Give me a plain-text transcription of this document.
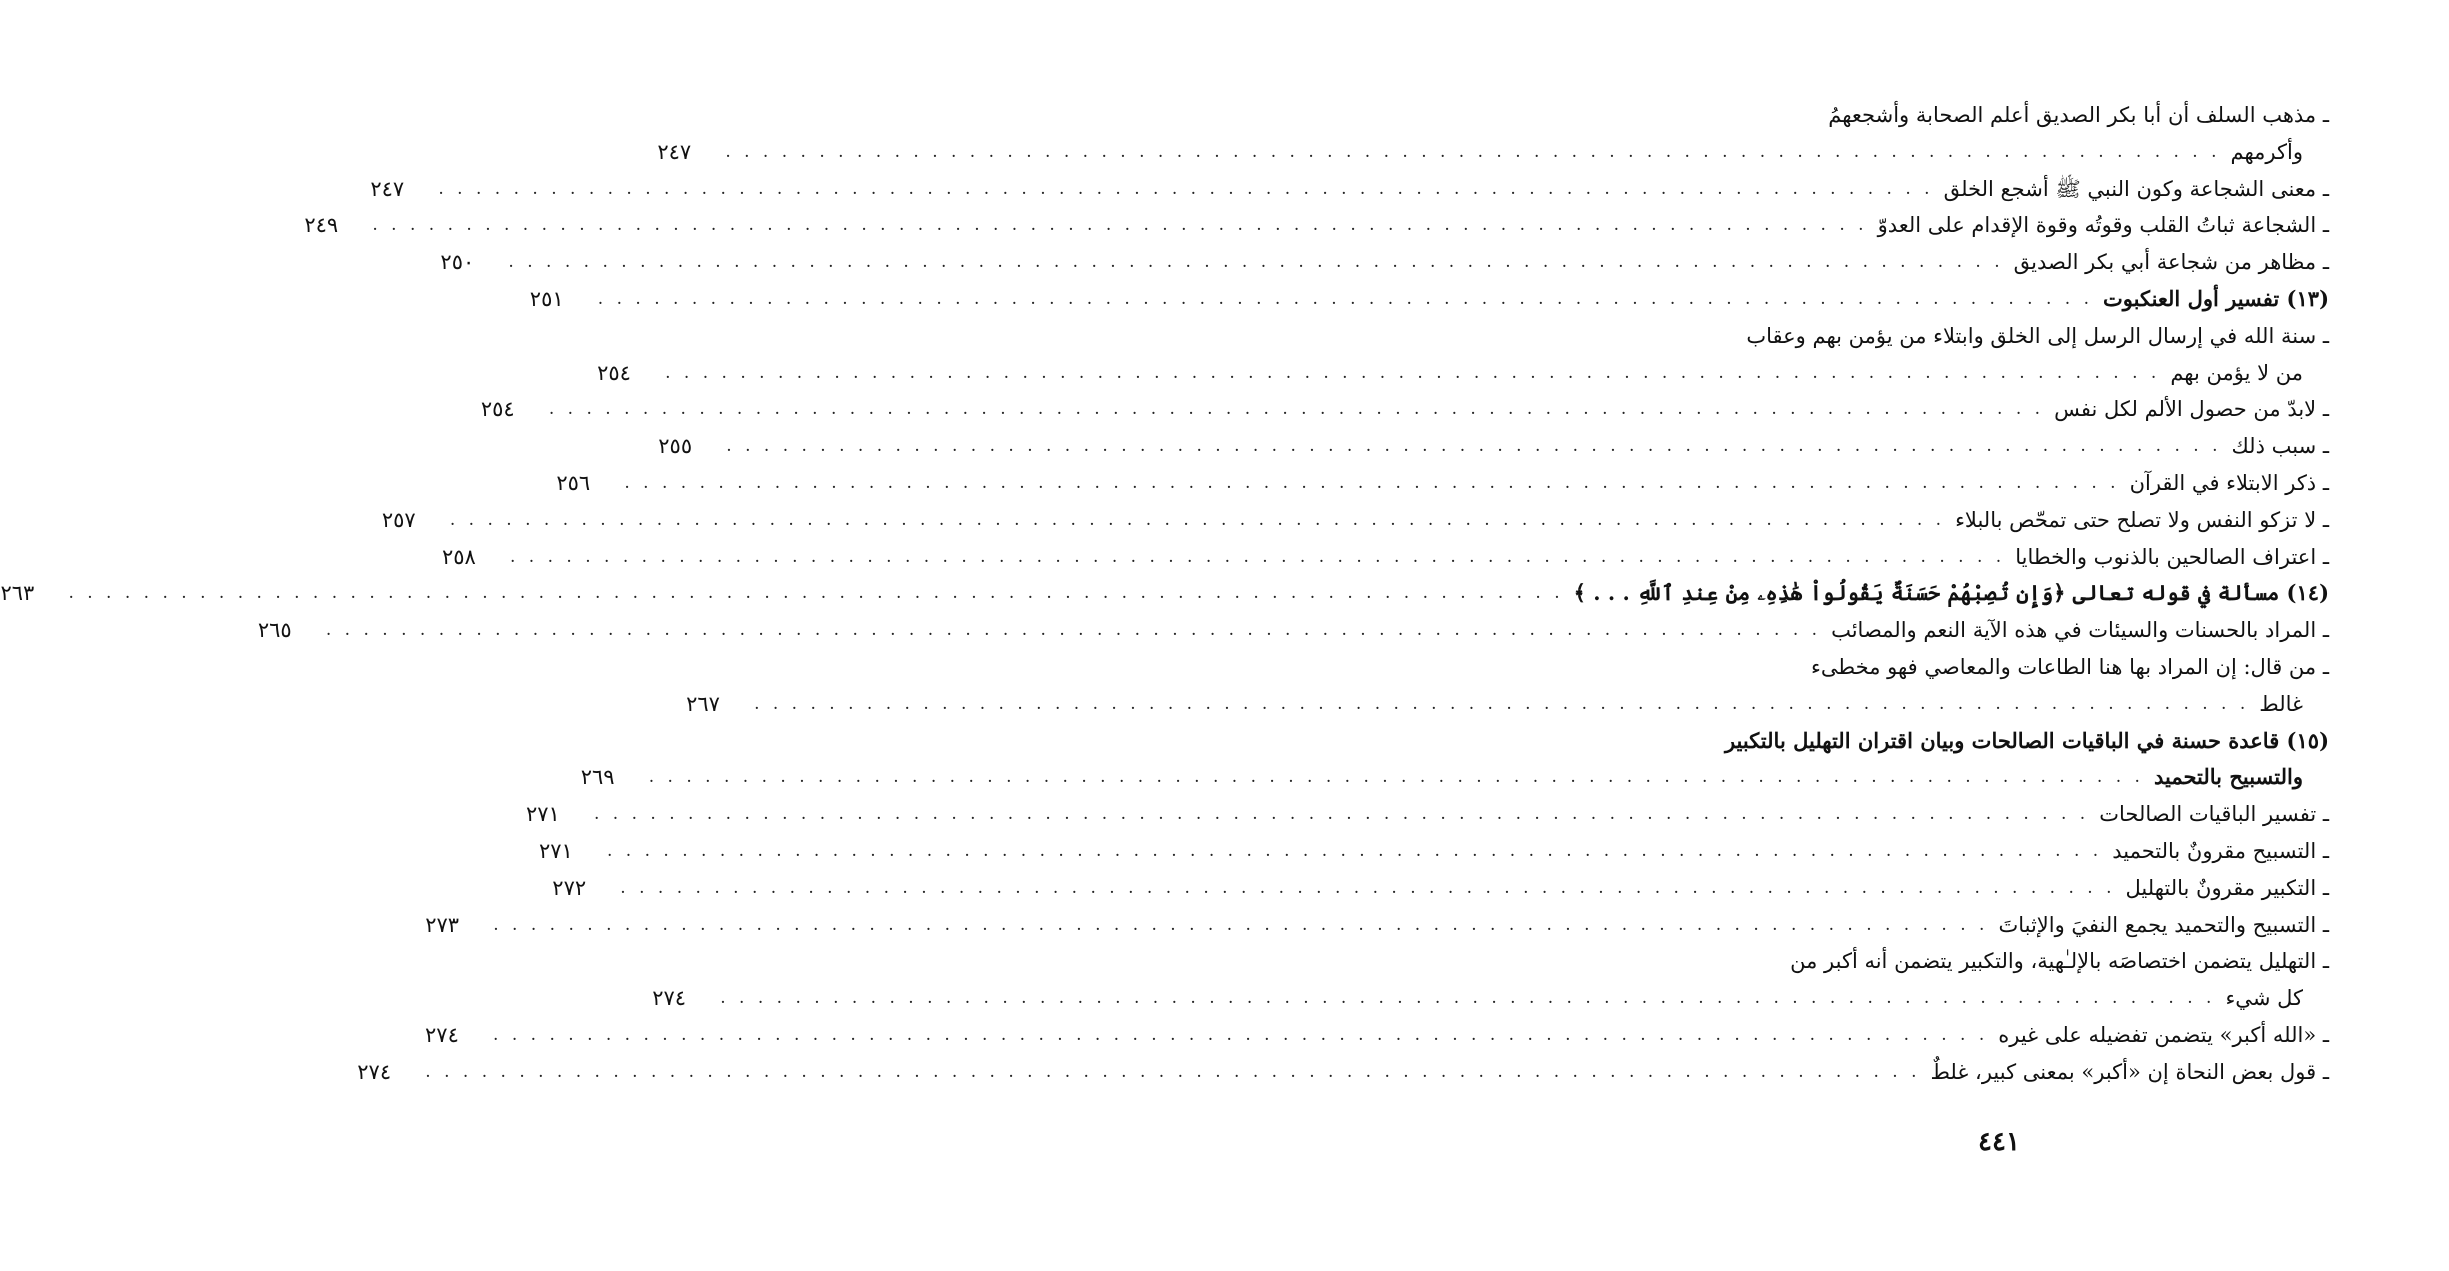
ـ مذهب السلف أن أبا بكر الصديق أعلم الصحابة وأشجعهمُ
وأكرمهم
. . . . . . . . . . . . . . . . . . . . . . . . . . . . . . . . . . . . . . . . . . . . . . . . . . . . . . . . . . . . . . . . . . . . . . . . . . . . . . . .
٢٤٧
ـ معنى الشجاعة وكون النبي ﷺ أشجع الخلق
. . . . . . . . . . . . . . . . . . . . . . . . . . . . . . . . . . . . . . . . . . . . . . . . . . . . . . . . . . . . . . . . . . . . . . . . . . . . . . . .
٢٤٧
ـ الشجاعة ثباتُ القلب وقوتُه وقوة الإقدام على العدوّ
. . . . . . . . . . . . . . . . . . . . . . . . . . . . . . . . . . . . . . . . . . . . . . . . . . . . . . . . . . . . . . . . . . . . . . . . . . . . . . . .
٢٤٩
ـ مظاهر من شجاعة أبي بكر الصديق
. . . . . . . . . . . . . . . . . . . . . . . . . . . . . . . . . . . . . . . . . . . . . . . . . . . . . . . . . . . . . . . . . . . . . . . . . . . . . . . .
٢٥٠
(١٣) تفسير أول العنكبوت
. . . . . . . . . . . . . . . . . . . . . . . . . . . . . . . . . . . . . . . . . . . . . . . . . . . . . . . . . . . . . . . . . . . . . . . . . . . . . . . .
٢٥١
ـ سنة الله في إرسال الرسل إلى الخلق وابتلاء من يؤمن بهم وعقاب
من لا يؤمن بهم
. . . . . . . . . . . . . . . . . . . . . . . . . . . . . . . . . . . . . . . . . . . . . . . . . . . . . . . . . . . . . . . . . . . . . . . . . . . . . . . .
٢٥٤
ـ لابدّ من حصول الألم لكل نفس
. . . . . . . . . . . . . . . . . . . . . . . . . . . . . . . . . . . . . . . . . . . . . . . . . . . . . . . . . . . . . . . . . . . . . . . . . . . . . . . .
٢٥٤
ـ سبب ذلك
. . . . . . . . . . . . . . . . . . . . . . . . . . . . . . . . . . . . . . . . . . . . . . . . . . . . . . . . . . . . . . . . . . . . . . . . . . . . . . . .
٢٥٥
ـ ذكر الابتلاء في القرآن
. . . . . . . . . . . . . . . . . . . . . . . . . . . . . . . . . . . . . . . . . . . . . . . . . . . . . . . . . . . . . . . . . . . . . . . . . . . . . . . .
٢٥٦
ـ لا تزكو النفس ولا تصلح حتى تمحّص بالبلاء
. . . . . . . . . . . . . . . . . . . . . . . . . . . . . . . . . . . . . . . . . . . . . . . . . . . . . . . . . . . . . . . . . . . . . . . . . . . . . . . .
٢٥٧
ـ اعتراف الصالحين بالذنوب والخطايا
. . . . . . . . . . . . . . . . . . . . . . . . . . . . . . . . . . . . . . . . . . . . . . . . . . . . . . . . . . . . . . . . . . . . . . . . . . . . . . . .
٢٥٨
(١٤) مسألة في قوله تعالى ﴿وَإِن تُصِبْهُمْ حَسَنَةٌ يَقُولُواْ هَٰذِهِۦ مِنْ عِندِ ٱللَّهِ . . . ﴾
. . . . . . . . . . . . . . . . . . . . . . . . . . . . . . . . . . . . . . . . . . . . . . . . . . . . . . . . . . . . . . . . . . . . . . . . . . . . . . . .
٢٦٣
ـ المراد بالحسنات والسيئات في هذه الآية النعم والمصائب
. . . . . . . . . . . . . . . . . . . . . . . . . . . . . . . . . . . . . . . . . . . . . . . . . . . . . . . . . . . . . . . . . . . . . . . . . . . . . . . .
٢٦٥
ـ من قال: إن المراد بها هنا الطاعات والمعاصي فهو مخطىء
غالط
. . . . . . . . . . . . . . . . . . . . . . . . . . . . . . . . . . . . . . . . . . . . . . . . . . . . . . . . . . . . . . . . . . . . . . . . . . . . . . . .
٢٦٧
(١٥) قاعدة حسنة في الباقيات الصالحات وبيان اقتران التهليل بالتكبير
والتسبيح بالتحميد
. . . . . . . . . . . . . . . . . . . . . . . . . . . . . . . . . . . . . . . . . . . . . . . . . . . . . . . . . . . . . . . . . . . . . . . . . . . . . . . .
٢٦٩
ـ تفسير الباقيات الصالحات
. . . . . . . . . . . . . . . . . . . . . . . . . . . . . . . . . . . . . . . . . . . . . . . . . . . . . . . . . . . . . . . . . . . . . . . . . . . . . . . .
٢٧١
ـ التسبيح مقرونٌ بالتحميد
. . . . . . . . . . . . . . . . . . . . . . . . . . . . . . . . . . . . . . . . . . . . . . . . . . . . . . . . . . . . . . . . . . . . . . . . . . . . . . . .
٢٧١
ـ التكبير مقرونٌ بالتهليل
. . . . . . . . . . . . . . . . . . . . . . . . . . . . . . . . . . . . . . . . . . . . . . . . . . . . . . . . . . . . . . . . . . . . . . . . . . . . . . . .
٢٧٢
ـ التسبيح والتحميد يجمع النفيَ والإثباتَ
. . . . . . . . . . . . . . . . . . . . . . . . . . . . . . . . . . . . . . . . . . . . . . . . . . . . . . . . . . . . . . . . . . . . . . . . . . . . . . . .
٢٧٣
ـ التهليل يتضمن اختصاصَه بالإلـٰهية، والتكبير يتضمن أنه أكبر من
كل شيء
. . . . . . . . . . . . . . . . . . . . . . . . . . . . . . . . . . . . . . . . . . . . . . . . . . . . . . . . . . . . . . . . . . . . . . . . . . . . . . . .
٢٧٤
ـ «الله أكبر» يتضمن تفضيله على غيره
. . . . . . . . . . . . . . . . . . . . . . . . . . . . . . . . . . . . . . . . . . . . . . . . . . . . . . . . . . . . . . . . . . . . . . . . . . . . . . . .
٢٧٤
ـ قول بعض النحاة إن «أكبر» بمعنى كبير، غلطٌ
. . . . . . . . . . . . . . . . . . . . . . . . . . . . . . . . . . . . . . . . . . . . . . . . . . . . . . . . . . . . . . . . . . . . . . . . . . . . . . . .
٢٧٤
٤٤١
